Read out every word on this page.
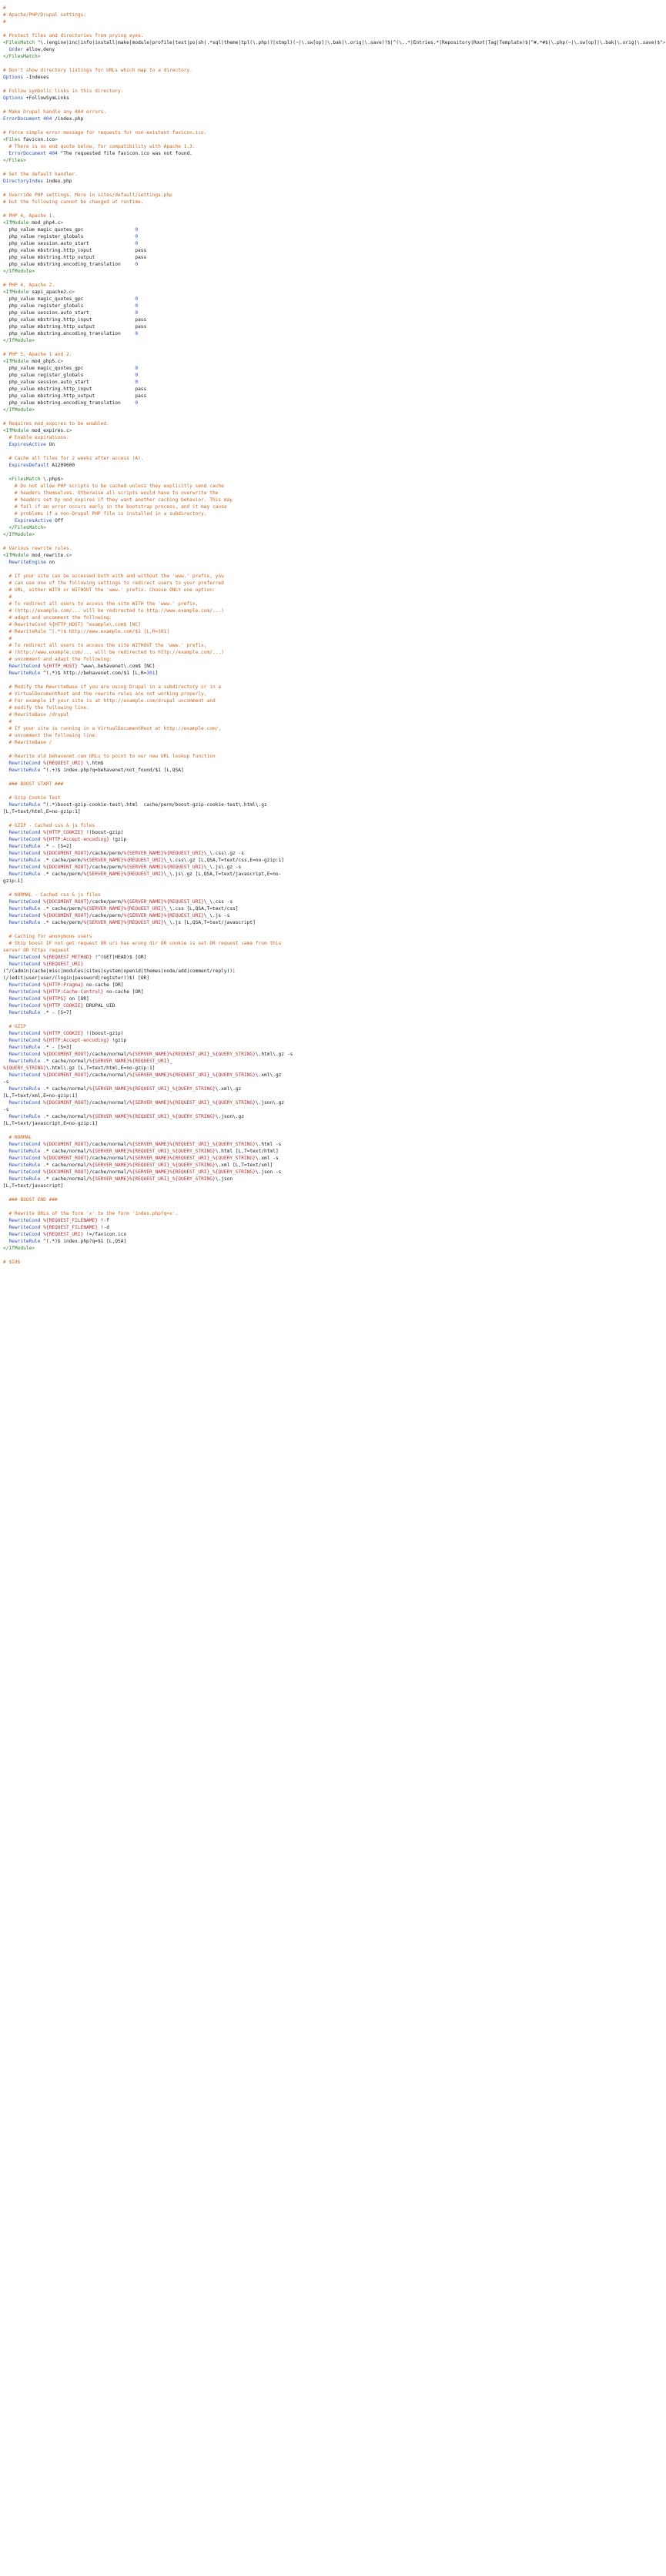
#
# Apache/PHP/Drupal settings:
#

# Protect files and directories from prying eyes.
<FilesMatch "\.(engine|inc|info|install|make|module|profile|test|po|sh|.*sql|theme|tpl(\.php)?|xtmpl)(~|\.sw[op]|\.bak|\.orig|\.save)?$|^(\..*|Entries.*|Repository|Root|Tag|Template)$|^#.*#$|\.php(~|\.sw[op]|\.bak|\.orig|\.save)$">
Order allow,deny
</FilesMatch>

# Don't show directory listings for URLs which map to a directory.
Options -Indexes

# Follow symbolic links in this directory.
Options +FollowSymLinks

# Make Drupal handle any 404 errors.
ErrorDocument 404 /index.php

# Force simple error message for requests for non-existent favicon.ico.
<Files favicon.ico>
# There is no end quote below, for compatibility with Apache 1.3.
ErrorDocument 404 "The requested file favicon.ico was not found.
</Files>

# Set the default handler.
DirectoryIndex index.php

# Override PHP settings. More in sites/default/settings.php
# but the following cannot be changed at runtime.

# PHP 4, Apache 1.
<IfModule mod_php4.c>
php_value magic_quotes_gpc                  0
php_value register_globals                  0
php_value session.auto_start                0
php_value mbstring.http_input               pass
php_value mbstring.http_output              pass
php_value mbstring.encoding_translation     0
</IfModule>

# PHP 4, Apache 2.
<IfModule sapi_apache2.c>
php_value magic_quotes_gpc                  0
php_value register_globals                  0
php_value session.auto_start                0
php_value mbstring.http_input               pass
php_value mbstring.http_output              pass
php_value mbstring.encoding_translation     0
</IfModule>

# PHP 5, Apache 1 and 2.
<IfModule mod_php5.c>
php_value magic_quotes_gpc                  0
php_value register_globals                  0
php_value session.auto_start                0
php_value mbstring.http_input               pass
php_value mbstring.http_output              pass
php_value mbstring.encoding_translation     0
</IfModule>

# Requires mod_expires to be enabled.
<IfModule mod_expires.c>
# Enable expirations.
ExpiresActive On

# Cache all files for 2 weeks after access (A).
ExpiresDefault A1209600

<FilesMatch \.php$>
# Do not allow PHP scripts to be cached unless they explicitly send cache
# headers themselves. Otherwise all scripts would have to overwrite the
# headers set by mod_expires if they want another caching behavior. This may
# fail if an error occurs early in the bootstrap process, and it may cause
# problems if a non-Drupal PHP file is installed in a subdirectory.
ExpiresActive Off
</FilesMatch>
</IfModule>

# Various rewrite rules.
<IfModule mod_rewrite.c>
RewriteEngine on

# If your site can be accessed both with and without the 'www.' prefix, you
# can use one of the following settings to redirect users to your preferred
# URL, either WITH or WITHOUT the 'www.' prefix. Choose ONLY one option:
#
# To redirect all users to access the site WITH the 'www.' prefix,
# (http://example.com/... will be redirected to http://www.example.com/...)
# adapt and uncomment the following:
# RewriteCond %{HTTP_HOST} ^example\.com$ [NC]
# RewriteRule ^(.*)$ http://www.example.com/$1 [L,R=301]
#
# To redirect all users to access the site WITHOUT the 'www.' prefix,
# (http://www.example.com/... will be redirected to http://example.com/...)
# uncomment and adapt the following:
RewriteCond %{HTTP_HOST} ^www\.behavenet\.com$ [NC]
RewriteRule ^(.*)$ http://behavenet.com/$1 [L,R=301]

# Modify the RewriteBase if you are using Drupal in a subdirectory or in a
# VirtualDocumentRoot and the rewrite rules are not working properly.
# For example if your site is at http://example.com/drupal uncomment and
# modify the following line:
# RewriteBase /drupal
#
# If your site is running in a VirtualDocumentRoot at http://example.com/,
# uncomment the following line:
# RewriteBase /

# Rewrite old behavenet.com URLs to point to our new URL lookup function
RewriteCond %{REQUEST_URI} \.htm$
RewriteRule ^(.+)$ index.php?q=behavenet/not_found/$1 [L,QSA]

### BOOST START ###

# Gzip Cookie Test
RewriteRule ^(.*)boost-gzip-cookie-test\.html  cache/perm/boost-gzip-cookie-test\.html\.gz
[L,T=text/html,E=no-gzip:1]

# GZIP - Cached css & js files
RewriteCond %{HTTP_COOKIE} !(boost-gzip)
RewriteCond %{HTTP:Accept-encoding} !gzip
RewriteRule .* - [S=2]
RewriteCond %{DOCUMENT_ROOT}/cache/perm/%{SERVER_NAME}%{REQUEST_URI}\_\.css\.gz -s
RewriteRule .* cache/perm/%{SERVER_NAME}%{REQUEST_URI}\_\.css\.gz [L,QSA,T=text/css,E=no-gzip:1]
RewriteCond %{DOCUMENT_ROOT}/cache/perm/%{SERVER_NAME}%{REQUEST_URI}\_\.js\.gz -s
RewriteRule .* cache/perm/%{SERVER_NAME}%{REQUEST_URI}\_\.js\.gz [L,QSA,T=text/javascript,E=no-
gzip:1]

# NORMAL - Cached css & js files
RewriteCond %{DOCUMENT_ROOT}/cache/perm/%{SERVER_NAME}%{REQUEST_URI}\_\.css -s
RewriteRule .* cache/perm/%{SERVER_NAME}%{REQUEST_URI}\_\.css [L,QSA,T=text/css]
RewriteCond %{DOCUMENT_ROOT}/cache/perm/%{SERVER_NAME}%{REQUEST_URI}\_\.js -s
RewriteRule .* cache/perm/%{SERVER_NAME}%{REQUEST_URI}\_\.js [L,QSA,T=text/javascript]

# Caching for anonymous users
# Skip boost IF not get request OR uri has wrong dir OR cookie is set OR request came from this
server OR https request
RewriteCond %{REQUEST_METHOD} !^(GET|HEAD)$ [OR]
RewriteCond %{REQUEST_URI}
(^/(admin|cache|misc|modules|sites|system|openid|themes|node/add|comment/reply))|
(/(edit|user|user/(login|password|register))$) [OR]
RewriteCond %{HTTP:Pragma} no-cache [OR]
RewriteCond %{HTTP:Cache-Control} no-cache [OR]
RewriteCond %{HTTPS} on [OR]
RewriteCond %{HTTP_COOKIE} DRUPAL_UID
RewriteRule .* - [S=7]

# GZIP
RewriteCond %{HTTP_COOKIE} !(boost-gzip)
RewriteCond %{HTTP:Accept-encoding} !gzip
RewriteRule .* - [S=3]
RewriteCond %{DOCUMENT_ROOT}/cache/normal/%{SERVER_NAME}%{REQUEST_URI}_%{QUERY_STRING}\.html\.gz -s
RewriteRule .* cache/normal/%{SERVER_NAME}%{REQUEST_URI}_
%{QUERY_STRING}\.html\.gz [L,T=text/html,E=no-gzip:1]
RewriteCond %{DOCUMENT_ROOT}/cache/normal/%{SERVER_NAME}%{REQUEST_URI}_%{QUERY_STRING}\.xml\.gz
-s
RewriteRule .* cache/normal/%{SERVER_NAME}%{REQUEST_URI}_%{QUERY_STRING}\.xml\.gz
[L,T=text/xml,E=no-gzip:1]
RewriteCond %{DOCUMENT_ROOT}/cache/normal/%{SERVER_NAME}%{REQUEST_URI}_%{QUERY_STRING}\.json\.gz
-s
RewriteRule .* cache/normal/%{SERVER_NAME}%{REQUEST_URI}_%{QUERY_STRING}\.json\.gz
[L,T=text/javascript,E=no-gzip:1]

# NORMAL
RewriteCond %{DOCUMENT_ROOT}/cache/normal/%{SERVER_NAME}%{REQUEST_URI}_%{QUERY_STRING}\.html -s
RewriteRule .* cache/normal/%{SERVER_NAME}%{REQUEST_URI}_%{QUERY_STRING}\.html [L,T=text/html]
RewriteCond %{DOCUMENT_ROOT}/cache/normal/%{SERVER_NAME}%{REQUEST_URI}_%{QUERY_STRING}\.xml -s
RewriteRule .* cache/normal/%{SERVER_NAME}%{REQUEST_URI}_%{QUERY_STRING}\.xml [L,T=text/xml]
RewriteCond %{DOCUMENT_ROOT}/cache/normal/%{SERVER_NAME}%{REQUEST_URI}_%{QUERY_STRING}\.json -s
RewriteRule .* cache/normal/%{SERVER_NAME}%{REQUEST_URI}_%{QUERY_STRING}\.json
[L,T=text/javascript]

### BOOST END ###

# Rewrite URLs of the form 'x' to the form 'index.php?q=x'.
RewriteCond %{REQUEST_FILENAME} !-f
RewriteCond %{REQUEST_FILENAME} !-d
RewriteCond %{REQUEST_URI} !=/favicon.ico
RewriteRule ^(.*)$ index.php?q=$1 [L,QSA]
</IfModule>

# $Id$
